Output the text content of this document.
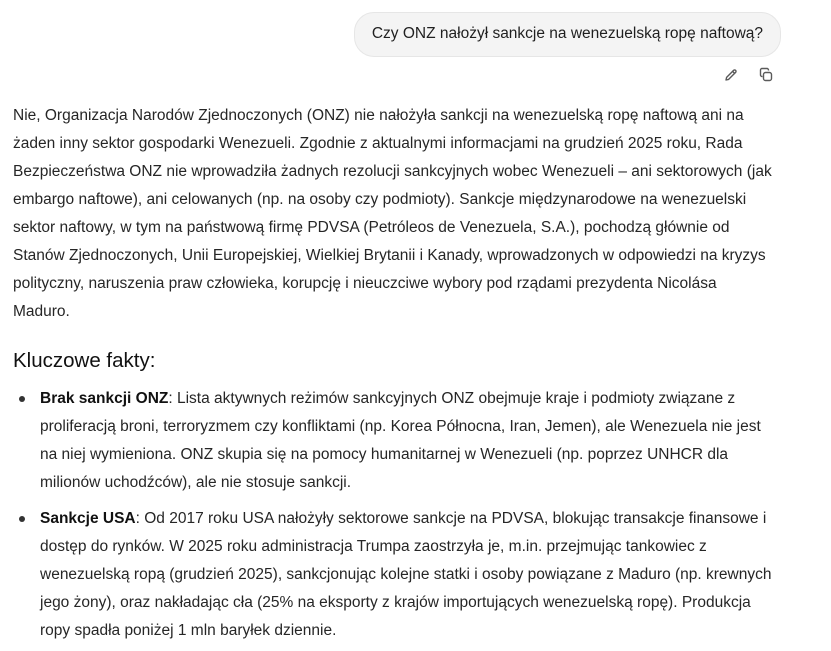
Czy ONZ nałożył sankcje na wenezuelską ropę naftową?

Nie, Organizacja Narodów Zjednoczonych (ONZ) nie nałożyła sankcji na wenezuelską ropę naftową ani na żaden inny sektor gospodarki Wenezueli. Zgodnie z aktualnymi informacjami na grudzień 2025 roku, Rada Bezpieczeństwa ONZ nie wprowadziła żadnych rezolucji sankcyjnych wobec Wenezueli – ani sektorowych (jak embargo naftowe), ani celowanych (np. na osoby czy podmioty). Sankcje międzynarodowe na wenezuelski sektor naftowy, w tym na państwową firmę PDVSA (Petróleos de Venezuela, S.A.), pochodzą głównie od Stanów Zjednoczonych, Unii Europejskiej, Wielkiej Brytanii i Kanady, wprowadzonych w odpowiedzi na kryzys polityczny, naruszenia praw człowieka, korupcję i nieuczciwe wybory pod rządami prezydenta Nicolása Maduro.

Kluczowe fakty:
Brak sankcji ONZ: Lista aktywnych reżimów sankcyjnych ONZ obejmuje kraje i podmioty związane z proliferacją broni, terroryzmem czy konfliktami (np. Korea Północna, Iran, Jemen), ale Wenezuela nie jest na niej wymieniona. ONZ skupia się na pomocy humanitarnej w Wenezueli (np. poprzez UNHCR dla milionów uchodźców), ale nie stosuje sankcji.
Sankcje USA: Od 2017 roku USA nałożyły sektorowe sankcje na PDVSA, blokując transakcje finansowe i dostęp do rynków. W 2025 roku administracja Trumpa zaostrzyła je, m.in. przejmując tankowiec z wenezuelską ropą (grudzień 2025), sankcjonując kolejne statki i osoby powiązane z Maduro (np. krewnych jego żony), oraz nakładając cła (25% na eksporty z krajów importujących wenezuelską ropę). Produkcja ropy spadła poniżej 1 mln baryłek dziennie.
